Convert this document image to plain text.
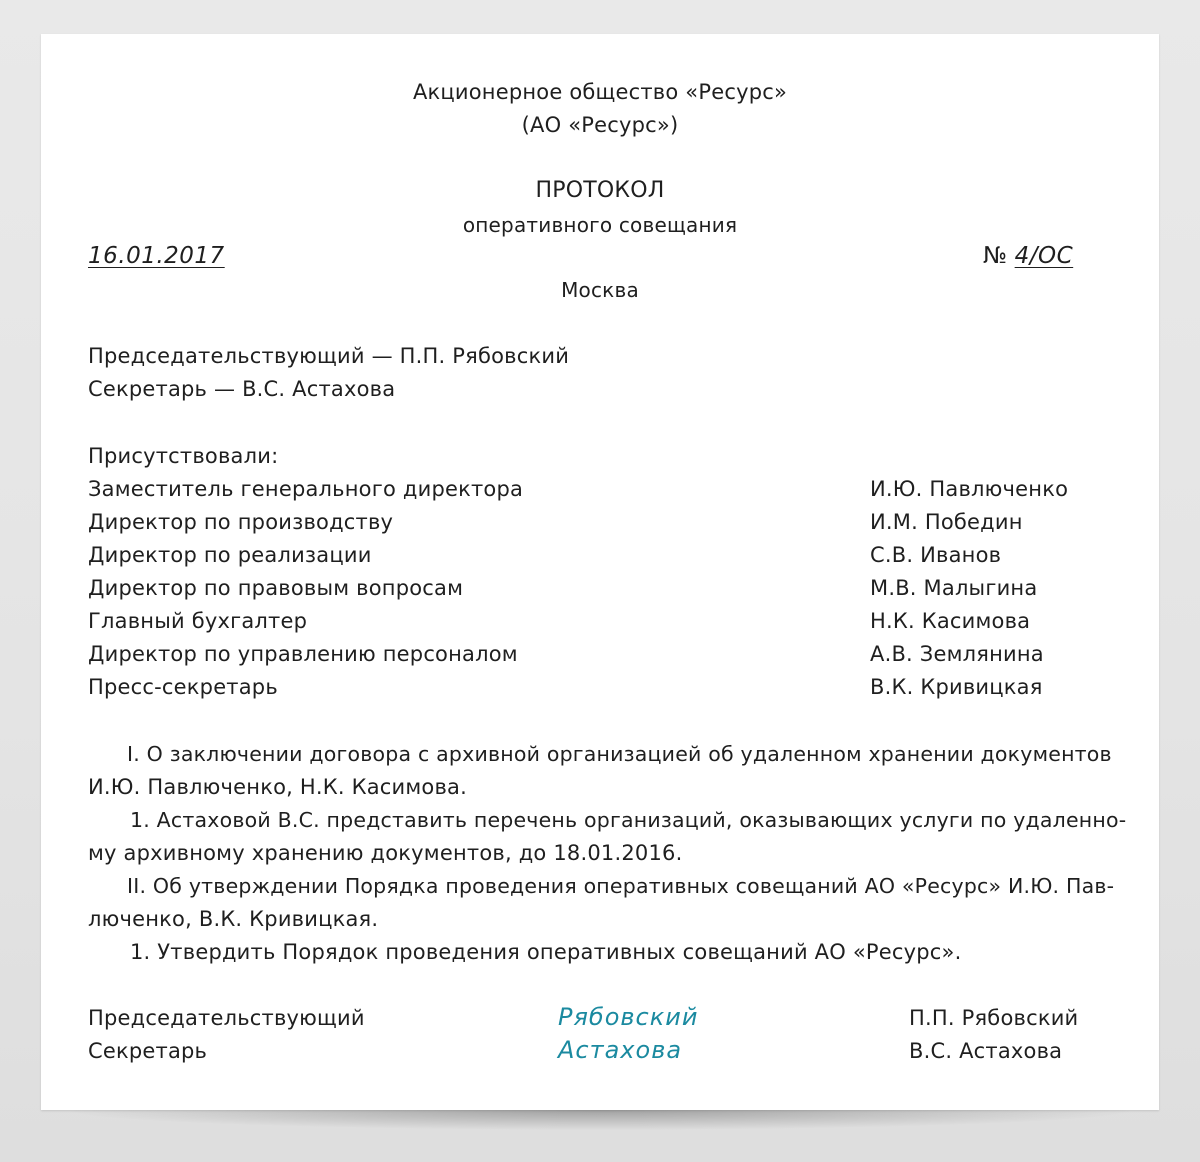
Акционерное общество «Ресурс»
(АО «Ресурс»)
ПРОТОКОЛ
оперативного совещания
16.01.2017	№ 4/ОС
Москва
Председательствующий — П.П. Рябовский
Секретарь — В.С. Астахова
Присутствовали:
Заместитель генерального директора	И.Ю. Павлюченко
Директор по производству	И.М. Победин
Директор по реализации	С.В. Иванов
Директор по правовым вопросам	М.В. Малыгина
Главный бухгалтер	Н.К. Касимова
Директор по управлению персоналом	А.В. Землянина
Пресс-секретарь	В.К. Кривицкая
I. О заключении договора с архивной организацией об удаленном хранении документов
И.Ю. Павлюченко, Н.К. Касимова.
1. Астаховой В.С. представить перечень организаций, оказывающих услуги по удаленно-
му архивному хранению документов, до 18.01.2016.
II. Об утверждении Порядка проведения оперативных совещаний АО «Ресурс» И.Ю. Пав-
люченко, В.К. Кривицкая.
1. Утвердить Порядок проведения оперативных совещаний АО «Ресурс».
Председательствующий	Рябовский	П.П. Рябовский
Секретарь	Астахова	В.С. Астахова
